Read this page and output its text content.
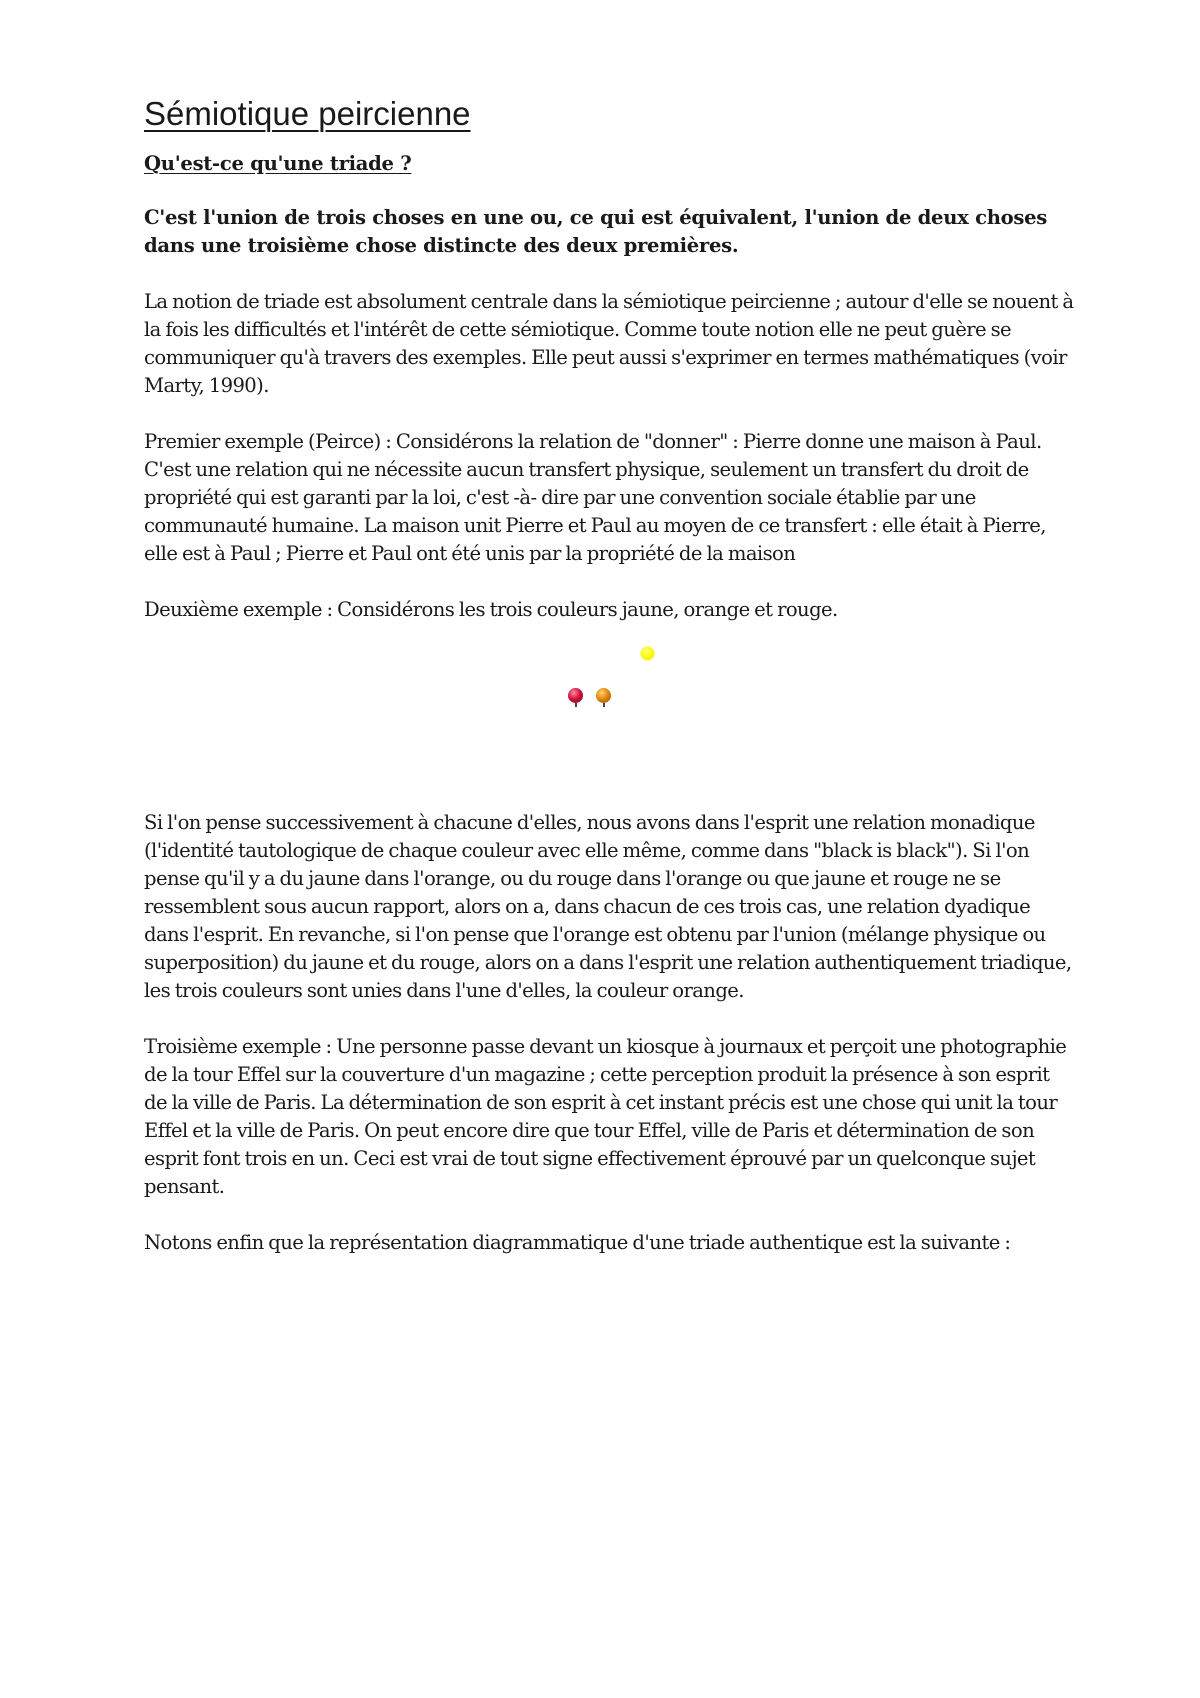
Sémiotique peircienne
Qu'est-ce qu'une triade ?
C'est l'union de trois choses en une ou, ce qui est équivalent, l'union de deux choses dans une troisième chose distincte des deux premières.

La notion de triade est absolument centrale dans la sémiotique peircienne ; autour d'elle se nouent à la fois les difficultés et l'intérêt de cette sémiotique. Comme toute notion elle ne peut guère se communiquer qu'à travers des exemples. Elle peut aussi s'exprimer en termes mathématiques (voir Marty, 1990).

Premier exemple (Peirce) : Considérons la relation de "donner" : Pierre donne une maison à Paul. C'est une relation qui ne nécessite aucun transfert physique, seulement un transfert du droit de propriété qui est garanti par la loi, c'est -à- dire par une convention sociale établie par une communauté humaine. La maison unit Pierre et Paul au moyen de ce transfert : elle était à Pierre, elle est à Paul ; Pierre et Paul ont été unis par la propriété de la maison

Deuxième exemple : Considérons les trois couleurs jaune, orange et rouge.

Si l'on pense successivement à chacune d'elles, nous avons dans l'esprit une relation monadique (l'identité tautologique de chaque couleur avec elle même, comme dans "black is black"). Si l'on pense qu'il y a du jaune dans l'orange, ou du rouge dans l'orange ou que jaune et rouge ne se ressemblent sous aucun rapport, alors on a, dans chacun de ces trois cas, une relation dyadique dans l'esprit. En revanche, si l'on pense que l'orange est obtenu par l'union (mélange physique ou superposition) du jaune et du rouge, alors on a dans l'esprit une relation authentiquement triadique, les trois couleurs sont unies dans l'une d'elles, la couleur orange.

Troisième exemple : Une personne passe devant un kiosque à journaux et perçoit une photographie de la tour Effel sur la couverture d'un magazine ; cette perception produit la présence à son esprit de la ville de Paris. La détermination de son esprit à cet instant précis est une chose qui unit la tour Effel et la ville de Paris. On peut encore dire que tour Effel, ville de Paris et détermination de son esprit font trois en un. Ceci est vrai de tout signe effectivement éprouvé par un quelconque sujet pensant.

Notons enfin que la représentation diagrammatique d'une triade authentique est la suivante :
